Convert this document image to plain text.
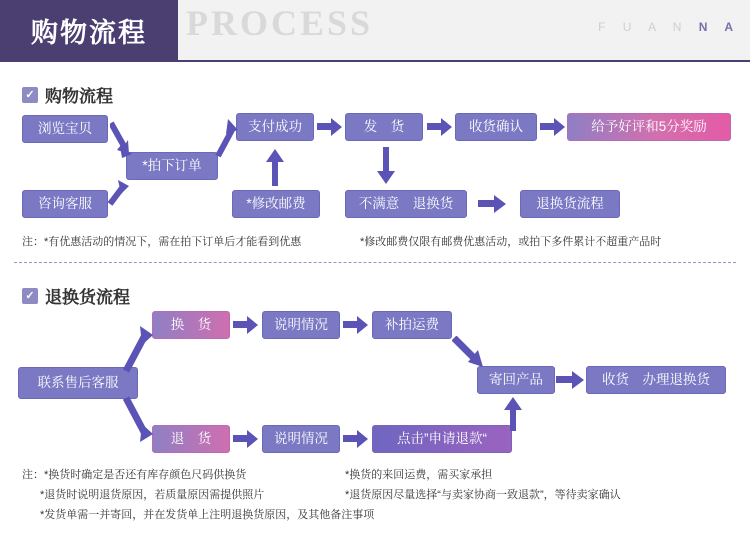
购物流程	PROCESS	F U A N N A
✓ 购物流程
浏览宝贝
*拍下订单
支付成功	发　货	收货确认	给予好评和5分奖励
咨询客服	*修改邮费	不满意　退换货	退换货流程
注：*有优惠活动的情况下，需在拍下订单后才能看到优惠	*修改邮费仅限有邮费优惠活动，或拍下多件累计不超重产品时
✓ 退换货流程
换　货	说明情况	补拍运费
联系售后客服	寄回产品	收货　办理退换货
退　货	说明情况	点击”申请退款“
注：*换货时确定是否还有库存颜色尺码供换货
*退货时说明退货原因，若质量原因需提供照片
*发货单需一并寄回，并在发货单上注明退换货原因，及其他备注事项
*换货的来回运费，需买家承担
*退货原因尽量选择“与卖家协商一致退款”，等待卖家确认
